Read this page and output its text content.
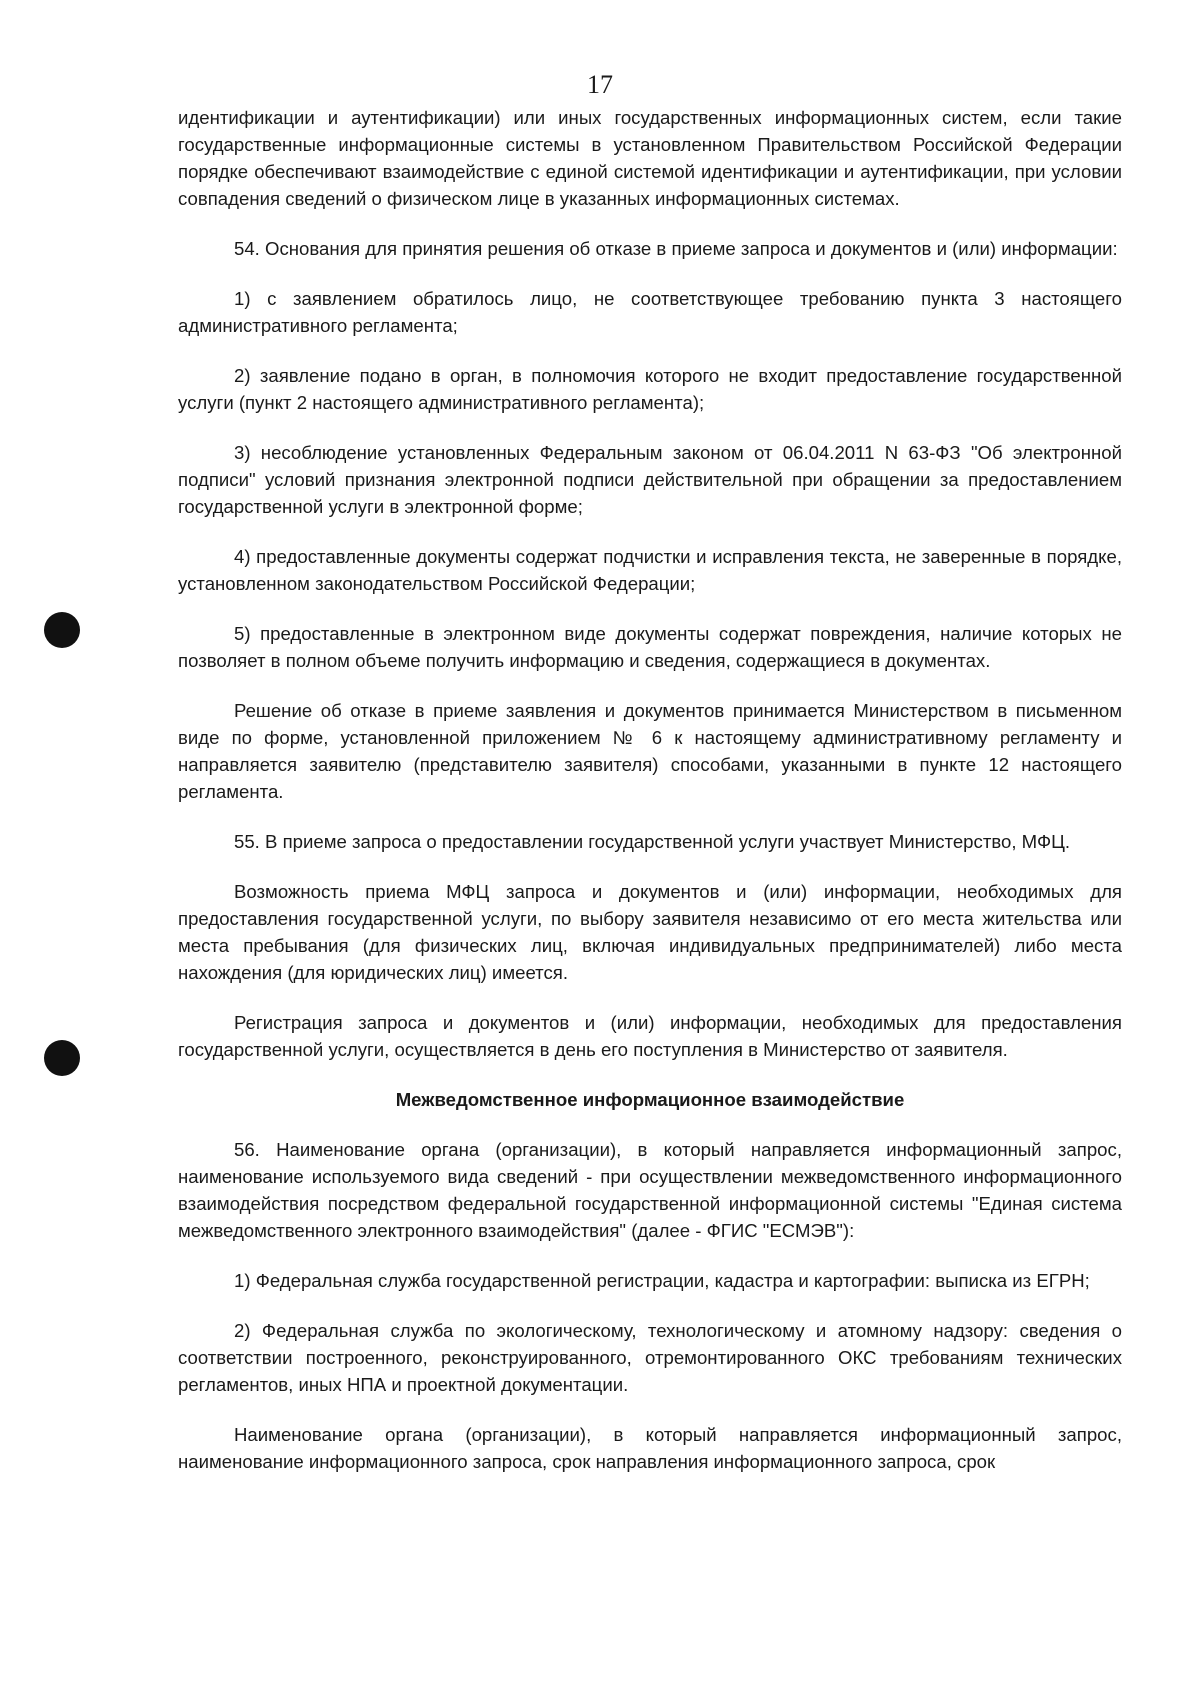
17

идентификации и аутентификации) или иных государственных информационных систем, если такие государственные информационные системы в установленном Правительством Российской Федерации порядке обеспечивают взаимодействие с единой системой идентификации и аутентификации, при условии совпадения сведений о физическом лице в указанных информационных системах.

54. Основания для принятия решения об отказе в приеме запроса и документов и (или) информации:

1) с заявлением обратилось лицо, не соответствующее требованию пункта 3 настоящего административного регламента;

2) заявление подано в орган, в полномочия которого не входит предоставление государственной услуги (пункт 2 настоящего административного регламента);

3) несоблюдение установленных Федеральным законом от 06.04.2011 N 63-ФЗ "Об электронной подписи" условий признания электронной подписи действительной при обращении за предоставлением государственной услуги в электронной форме;

4) предоставленные документы содержат подчистки и исправления текста, не заверенные в порядке, установленном законодательством Российской Федерации;

5) предоставленные в электронном виде документы содержат повреждения, наличие которых не позволяет в полном объеме получить информацию и сведения, содержащиеся в документах.

Решение об отказе в приеме заявления и документов принимается Министерством в письменном виде по форме, установленной приложением № 6 к настоящему административному регламенту и направляется заявителю (представителю заявителя) способами, указанными в пункте 12 настоящего регламента.

55. В приеме запроса о предоставлении государственной услуги участвует Министерство, МФЦ.

Возможность приема МФЦ запроса и документов и (или) информации, необходимых для предоставления государственной услуги, по выбору заявителя независимо от его места жительства или места пребывания (для физических лиц, включая индивидуальных предпринимателей) либо места нахождения (для юридических лиц) имеется.

Регистрация запроса и документов и (или) информации, необходимых для предоставления государственной услуги, осуществляется в день его поступления в Министерство от заявителя.

Межведомственное информационное взаимодействие

56. Наименование органа (организации), в который направляется информационный запрос, наименование используемого вида сведений - при осуществлении межведомственного информационного взаимодействия посредством федеральной государственной информационной системы "Единая система межведомственного электронного взаимодействия" (далее - ФГИС "ЕСМЭВ"):

1) Федеральная служба государственной регистрации, кадастра и картографии: выписка из ЕГРН;

2) Федеральная служба по экологическому, технологическому и атомному надзору: сведения о соответствии построенного, реконструированного, отремонтированного ОКС требованиям технических регламентов, иных НПА и проектной документации.

Наименование органа (организации), в который направляется информационный запрос, наименование информационного запроса, срок направления информационного запроса, срок
